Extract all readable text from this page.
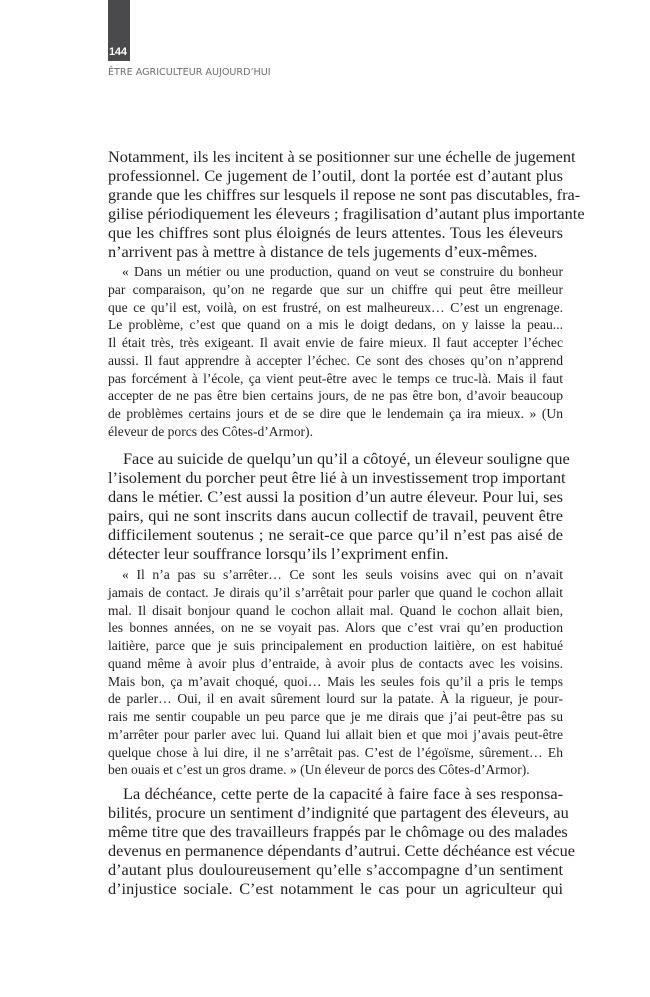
144
ÊTRE AGRICULTEUR AUJOURD’HUI
Notamment, ils les incitent à se positionner sur une échelle de jugement
professionnel. Ce jugement de l’outil, dont la portée est d’autant plus
grande que les chiffres sur lesquels il repose ne sont pas discutables, fra-
gilise périodiquement les éleveurs ; fragilisation d’autant plus importante
que les chiffres sont plus éloignés de leurs attentes. Tous les éleveurs
n’arrivent pas à mettre à distance de tels jugements d’eux-mêmes.
« Dans un métier ou une production, quand on veut se construire du bonheur
par comparaison, qu’on ne regarde que sur un chiffre qui peut être meilleur
que ce qu’il est, voilà, on est frustré, on est malheureux… C’est un engrenage.
Le problème, c’est que quand on a mis le doigt dedans, on y laisse la peau...
Il était très, très exigeant. Il avait envie de faire mieux. Il faut accepter l’échec
aussi. Il faut apprendre à accepter l’échec. Ce sont des choses qu’on n’apprend
pas forcément à l’école, ça vient peut-être avec le temps ce truc-là. Mais il faut
accepter de ne pas être bien certains jours, de ne pas être bon, d’avoir beaucoup
de problèmes certains jours et de se dire que le lendemain ça ira mieux. » (Un
éleveur de porcs des Côtes-d’Armor).
Face au suicide de quelqu’un qu’il a côtoyé, un éleveur souligne que
l’isolement du porcher peut être lié à un investissement trop important
dans le métier. C’est aussi la position d’un autre éleveur. Pour lui, ses
pairs, qui ne sont inscrits dans aucun collectif de travail, peuvent être
difficilement soutenus ; ne serait-ce que parce qu’il n’est pas aisé de
détecter leur souffrance lorsqu’ils l’expriment enfin.
« Il n’a pas su s’arrêter… Ce sont les seuls voisins avec qui on n’avait
jamais de contact. Je dirais qu’il s’arrêtait pour parler que quand le cochon allait
mal. Il disait bonjour quand le cochon allait mal. Quand le cochon allait bien,
les bonnes années, on ne se voyait pas. Alors que c’est vrai qu’en production
laitière, parce que je suis principalement en production laitière, on est habitué
quand même à avoir plus d’entraide, à avoir plus de contacts avec les voisins.
Mais bon, ça m’avait choqué, quoi… Mais les seules fois qu’il a pris le temps
de parler… Oui, il en avait sûrement lourd sur la patate. À la rigueur, je pour-
rais me sentir coupable un peu parce que je me dirais que j’ai peut-être pas su
m’arrêter pour parler avec lui. Quand lui allait bien et que moi j’avais peut-être
quelque chose à lui dire, il ne s’arrêtait pas. C’est de l’égoïsme, sûrement… Eh
ben ouais et c’est un gros drame. » (Un éleveur de porcs des Côtes-d’Armor).
La déchéance, cette perte de la capacité à faire face à ses responsa-
bilités, procure un sentiment d’indignité que partagent des éleveurs, au
même titre que des travailleurs frappés par le chômage ou des malades
devenus en permanence dépendants d’autrui. Cette déchéance est vécue
d’autant plus douloureusement qu’elle s’accompagne d’un sentiment
d’injustice sociale. C’est notamment le cas pour un agriculteur qui
